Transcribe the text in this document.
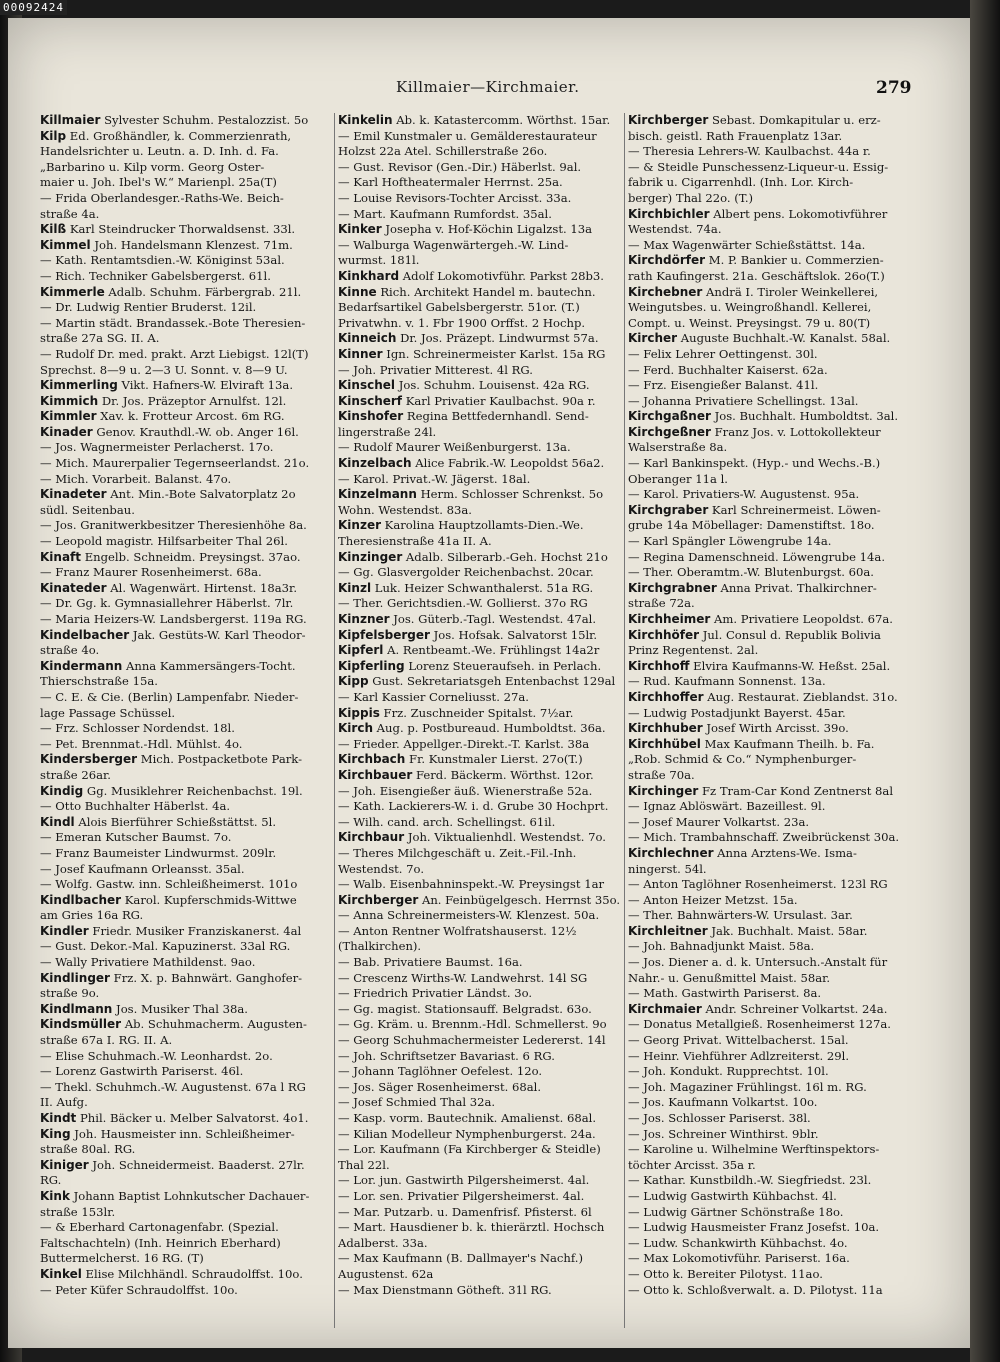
00092424
Killmaier—Kirchmaier.	279
Killmaier Sylvester Schuhm. Pestalozzist. 5o
Kilp Ed. Großhändler, k. Commerzienrath,
Handelsrichter u. Leutn. a. D. Inh. d. Fa.
„Barbarino u. Kilp vorm. Georg Oster-
maier u. Joh. Ibel's W.“ Marienpl. 25a(T)
— Frida Oberlandesger.-Raths-We. Beich-
straße 4a.
Kilß Karl Steindrucker Thorwaldsenst. 33l.
Kimmel Joh. Handelsmann Klenzest. 71m.
— Kath. Rentamtsdien.-W. Königinst 53al.
— Rich. Techniker Gabelsbergerst. 61l.
Kimmerle Adalb. Schuhm. Färbergrab. 21l.
— Dr. Ludwig Rentier Bruderst. 12il.
— Martin städt. Brandassek.-Bote Theresien-
straße 27a SG. II. A.
— Rudolf Dr. med. prakt. Arzt Liebigst. 12l(T)
Sprechst. 8—9 u. 2—3 U. Sonnt. v. 8—9 U.
Kimmerling Vikt. Hafners-W. Elviraft 13a.
Kimmich Dr. Jos. Präzeptor Arnulfst. 12l.
Kimmler Xav. k. Frotteur Arcost. 6m RG.
Kinader Genov. Krauthdl.-W. ob. Anger 16l.
— Jos. Wagnermeister Perlacherst. 17o.
— Mich. Maurerpalier Tegernseerlandst. 21o.
— Mich. Vorarbeit. Balanst. 47o.
Kinadeter Ant. Min.-Bote Salvatorplatz 2o
südl. Seitenbau.
— Jos. Granitwerkbesitzer Theresienhöhe 8a.
— Leopold magistr. Hilfsarbeiter Thal 26l.
Kinaft Engelb. Schneidm. Preysingst. 37ao.
— Franz Maurer Rosenheimerst. 68a.
Kinateder Al. Wagenwärt. Hirtenst. 18a3r.
— Dr. Gg. k. Gymnasiallehrer Häberlst. 7lr.
— Maria Heizers-W. Landsbergerst. 119a RG.
Kindelbacher Jak. Gestüts-W. Karl Theodor-
straße 4o.
Kindermann Anna Kammersängers-Tocht.
Thierschstraße 15a.
— C. E. & Cie. (Berlin) Lampenfabr. Nieder-
lage Passage Schüssel.
— Frz. Schlosser Nordendst. 18l.
— Pet. Brennmat.-Hdl. Mühlst. 4o.
Kindersberger Mich. Postpacketbote Park-
straße 26ar.
Kindig Gg. Musiklehrer Reichenbachst. 19l.
— Otto Buchhalter Häberlst. 4a.
Kindl Alois Bierführer Schießstättst. 5l.
— Emeran Kutscher Baumst. 7o.
— Franz Baumeister Lindwurmst. 209lr.
— Josef Kaufmann Orleansst. 35al.
— Wolfg. Gastw. inn. Schleißheimerst. 101o
Kindlbacher Karol. Kupferschmids-Wittwe
am Gries 16a RG.
Kindler Friedr. Musiker Franziskanerst. 4al
— Gust. Dekor.-Mal. Kapuzinerst. 33al RG.
— Wally Privatiere Mathildenst. 9ao.
Kindlinger Frz. X. p. Bahnwärt. Ganghofer-
straße 9o.
Kindlmann Jos. Musiker Thal 38a.
Kindsmüller Ab. Schuhmacherm. Augusten-
straße 67a I. RG. II. A.
— Elise Schuhmach.-W. Leonhardst. 2o.
— Lorenz Gastwirth Pariserst. 46l.
— Thekl. Schuhmch.-W. Augustenst. 67a l RG
II. Aufg.
Kindt Phil. Bäcker u. Melber Salvatorst. 4o1.
King Joh. Hausmeister inn. Schleißheimer-
straße 80al. RG.
Kiniger Joh. Schneidermeist. Baaderst. 27lr.
RG.
Kink Johann Baptist Lohnkutscher Dachauer-
straße 153lr.
— & Eberhard Cartonagenfabr. (Spezial.
Faltschachteln) (Inh. Heinrich Eberhard)
Buttermelcherst. 16 RG. (T)
Kinkel Elise Milchhändl. Schraudolffst. 10o.
— Peter Küfer Schraudolffst. 10o.
Kinkelin Ab. k. Katastercomm. Wörthst. 15ar.
— Emil Kunstmaler u. Gemälderestaurateur
Holzst 22a Atel. Schillerstraße 26o.
— Gust. Revisor (Gen.-Dir.) Häberlst. 9al.
— Karl Hoftheatermaler Herrnst. 25a.
— Louise Revisors-Tochter Arcisst. 33a.
— Mart. Kaufmann Rumfordst. 35al.
Kinker Josepha v. Hof-Köchin Ligalzst. 13a
— Walburga Wagenwärtergeh.-W. Lind-
wurmst. 181l.
Kinkhard Adolf Lokomotivführ. Parkst 28b3.
Kinne Rich. Architekt Handel m. bautechn.
Bedarfsartikel Gabelsbergerstr. 51or. (T.)
Privatwhn. v. 1. Fbr 1900 Orffst. 2 Hochp.
Kinneich Dr. Jos. Präzept. Lindwurmst 57a.
Kinner Ign. Schreinermeister Karlst. 15a RG
— Joh. Privatier Mitterest. 4l RG.
Kinschel Jos. Schuhm. Louisenst. 42a RG.
Kinscherf Karl Privatier Kaulbachst. 90a r.
Kinshofer Regina Bettfedernhandl. Send-
lingerstraße 24l.
— Rudolf Maurer Weißenburgerst. 13a.
Kinzelbach Alice Fabrik.-W. Leopoldst 56a2.
— Karol. Privat.-W. Jägerst. 18al.
Kinzelmann Herm. Schlosser Schrenkst. 5o
Wohn. Westendst. 83a.
Kinzer Karolina Hauptzollamts-Dien.-We.
Theresienstraße 41a II. A.
Kinzinger Adalb. Silberarb.-Geh. Hochst 21o
— Gg. Glasvergolder Reichenbachst. 20car.
Kinzl Luk. Heizer Schwanthalerst. 51a RG.
— Ther. Gerichtsdien.-W. Gollierst. 37o RG
Kinzner Jos. Güterb.-Tagl. Westendst. 47al.
Kipfelsberger Jos. Hofsak. Salvatorst 15lr.
Kipferl A. Rentbeamt.-We. Frühlingst 14a2r
Kipferling Lorenz Steueraufseh. in Perlach.
Kipp Gust. Sekretariatsgeh Entenbachst 129al
— Karl Kassier Corneliusst. 27a.
Kippis Frz. Zuschneider Spitalst. 7½ar.
Kirch Aug. p. Postbureaud. Humboldtst. 36a.
— Frieder. Appellger.-Direkt.-T. Karlst. 38a
Kirchbach Fr. Kunstmaler Lierst. 27o(T.)
Kirchbauer Ferd. Bäckerm. Wörthst. 12or.
— Joh. Eisengießer äuß. Wienerstraße 52a.
— Kath. Lackierers-W. i. d. Grube 30 Hochprt.
— Wilh. cand. arch. Schellingst. 61il.
Kirchbaur Joh. Viktualienhdl. Westendst. 7o.
— Theres Milchgeschäft u. Zeit.-Fil.-Inh.
Westendst. 7o.
— Walb. Eisenbahninspekt.-W. Preysingst 1ar
Kirchberger An. Feinbügelgesch. Herrnst 35o.
— Anna Schreinermeisters-W. Klenzest. 50a.
— Anton Rentner Wolfratshauserst. 12½
(Thalkirchen).
— Bab. Privatiere Baumst. 16a.
— Crescenz Wirths-W. Landwehrst. 14l SG
— Friedrich Privatier Ländst. 3o.
— Gg. magist. Stationsauff. Belgradst. 63o.
— Gg. Kräm. u. Brennm.-Hdl. Schmellerst. 9o
— Georg Schuhmachermeister Ledererst. 14l
— Joh. Schriftsetzer Bavariast. 6 RG.
— Johann Taglöhner Oefelest. 12o.
— Jos. Säger Rosenheimerst. 68al.
— Josef Schmied Thal 32a.
— Kasp. vorm. Bautechnik. Amalienst. 68al.
— Kilian Modelleur Nymphenburgerst. 24a.
— Lor. Kaufmann (Fa Kirchberger & Steidle)
Thal 22l.
— Lor. jun. Gastwirth Pilgersheimerst. 4al.
— Lor. sen. Privatier Pilgersheimerst. 4al.
— Mar. Putzarb. u. Damenfrisf. Pfisterst. 6l
— Mart. Hausdiener b. k. thierärztl. Hochsch
Adalberst. 33a.
— Max Kaufmann (B. Dallmayer's Nachf.)
Augustenst. 62a
— Max Dienstmann Götheft. 31l RG.
Kirchberger Sebast. Domkapitular u. erz-
bisch. geistl. Rath Frauenplatz 13ar.
— Theresia Lehrers-W. Kaulbachst. 44a r.
— & Steidle Punschessenz-Liqueur-u. Essig-
fabrik u. Cigarrenhdl. (Inh. Lor. Kirch-
berger) Thal 22o. (T.)
Kirchbichler Albert pens. Lokomotivführer
Westendst. 74a.
— Max Wagenwärter Schießstättst. 14a.
Kirchdörfer M. P. Bankier u. Commerzien-
rath Kaufingerst. 21a. Geschäftslok. 26o(T.)
Kirchebner Andrä I. Tiroler Weinkellerei,
Weingutsbes. u. Weingroßhandl. Kellerei,
Compt. u. Weinst. Preysingst. 79 u. 80(T)
Kircher Auguste Buchhalt.-W. Kanalst. 58al.
— Felix Lehrer Oettingenst. 30l.
— Ferd. Buchhalter Kaiserst. 62a.
— Frz. Eisengießer Balanst. 41l.
— Johanna Privatiere Schellingst. 13al.
Kirchgaßner Jos. Buchhalt. Humboldtst. 3al.
Kirchgeßner Franz Jos. v. Lottokollekteur
Walserstraße 8a.
— Karl Bankinspekt. (Hyp.- und Wechs.-B.)
Oberanger 11a l.
— Karol. Privatiers-W. Augustenst. 95a.
Kirchgraber Karl Schreinermeist. Löwen-
grube 14a Möbellager: Damenstiftst. 18o.
— Karl Spängler Löwengrube 14a.
— Regina Damenschneid. Löwengrube 14a.
— Ther. Oberamtm.-W. Blutenburgst. 60a.
Kirchgrabner Anna Privat. Thalkirchner-
straße 72a.
Kirchheimer Am. Privatiere Leopoldst. 67a.
Kirchhöfer Jul. Consul d. Republik Bolivia
Prinz Regentenst. 2al.
Kirchhoff Elvira Kaufmanns-W. Heßst. 25al.
— Rud. Kaufmann Sonnenst. 13a.
Kirchhoffer Aug. Restaurat. Zieblandst. 31o.
— Ludwig Postadjunkt Bayerst. 45ar.
Kirchhuber Josef Wirth Arcisst. 39o.
Kirchhübel Max Kaufmann Theilh. b. Fa.
„Rob. Schmid & Co.“ Nymphenburger-
straße 70a.
Kirchinger Fz Tram-Car Kond Zentnerst 8al
— Ignaz Ablöswärt. Bazeillest. 9l.
— Josef Maurer Volkartst. 23a.
— Mich. Trambahnschaff. Zweibrückenst 30a.
Kirchlechner Anna Arztens-We. Isma-
ningerst. 54l.
— Anton Taglöhner Rosenheimerst. 123l RG
— Anton Heizer Metzst. 15a.
— Ther. Bahnwärters-W. Ursulast. 3ar.
Kirchleitner Jak. Buchhalt. Maist. 58ar.
— Joh. Bahnadjunkt Maist. 58a.
— Jos. Diener a. d. k. Untersuch.-Anstalt für
Nahr.- u. Genußmittel Maist. 58ar.
— Math. Gastwirth Pariserst. 8a.
Kirchmaier Andr. Schreiner Volkartst. 24a.
— Donatus Metallgieß. Rosenheimerst 127a.
— Georg Privat. Wittelbacherst. 15al.
— Heinr. Viehführer Adlzreiterst. 29l.
— Joh. Kondukt. Rupprechtst. 10l.
— Joh. Magaziner Frühlingst. 16l m. RG.
— Jos. Kaufmann Volkartst. 10o.
— Jos. Schlosser Pariserst. 38l.
— Jos. Schreiner Winthirst. 9blr.
— Karoline u. Wilhelmine Werftinspektors-
töchter Arcisst. 35a r.
— Kathar. Kunstbildh.-W. Siegfriedst. 23l.
— Ludwig Gastwirth Kühbachst. 4l.
— Ludwig Gärtner Schönstraße 18o.
— Ludwig Hausmeister Franz Josefst. 10a.
— Ludw. Schankwirth Kühbachst. 4o.
— Max Lokomotivführ. Pariserst. 16a.
— Otto k. Bereiter Pilotyst. 11ao.
— Otto k. Schloßverwalt. a. D. Pilotyst. 11a
